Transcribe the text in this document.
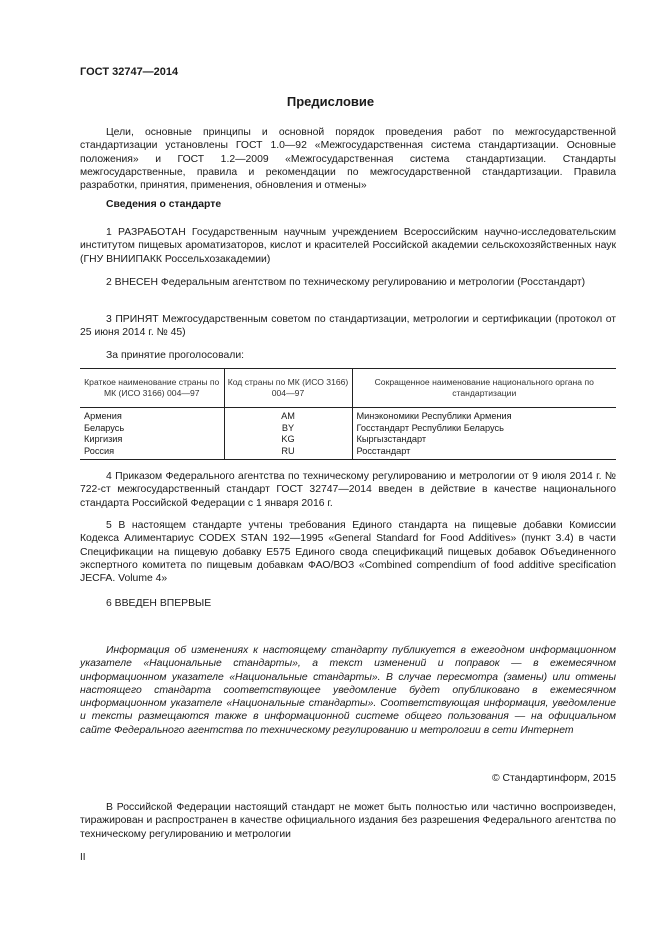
ГОСТ 32747—2014
Предисловие

Цели, основные принципы и основной порядок проведения работ по межгосударственной стандартизации установлены ГОСТ 1.0—92 «Межгосударственная система стандартизации. Основные положения» и ГОСТ 1.2—2009 «Межгосударственная система стандартизации. Стандарты межгосударственные, правила и рекомендации по межгосударственной стандартизации. Правила разработки, принятия, применения, обновления и отмены»

Сведения о стандарте

1 РАЗРАБОТАН Государственным научным учреждением Всероссийским научно-исследовательским институтом пищевых ароматизаторов, кислот и красителей Российской академии сельскохозяйственных наук (ГНУ ВНИИПАКК Россельхозакадемии)

2 ВНЕСЕН Федеральным агентством по техническому регулированию и метрологии (Росстандарт)

3 ПРИНЯТ Межгосударственным советом по стандартизации, метрологии и сертификации (протокол от 25 июня 2014 г. № 45)

За принятие проголосовали:
Краткое наименование страны по МК (ИСО 3166) 004—97	Код страны по МК (ИСО 3166) 004—97	Сокращенное наименование национального органа по стандартизации
Армения	AM	Минэкономики Республики Армения
Беларусь	BY	Госстандарт Республики Беларусь
Киргизия	KG	Кыргызстандарт
Россия	RU	Росстандарт

4 Приказом Федерального агентства по техническому регулированию и метрологии от 9 июля 2014 г. № 722-ст межгосударственный стандарт ГОСТ 32747—2014 введен в действие в качестве национального стандарта Российской Федерации с 1 января 2016 г.

5 В настоящем стандарте учтены требования Единого стандарта на пищевые добавки Комиссии Кодекса Алиментариус CODEX STAN 192—1995 «General Standard for Food Additives» (пункт 3.4) в части Спецификации на пищевую добавку Е575 Единого свода спецификаций пищевых добавок Объединенного экспертного комитета по пищевым добавкам ФАО/ВОЗ «Combined compendium of food additive specification JECFA. Volume 4»

6 ВВЕДЕН ВПЕРВЫЕ

Информация об изменениях к настоящему стандарту публикуется в ежегодном информационном указателе «Национальные стандарты», а текст изменений и поправок — в ежемесячном информационном указателе «Национальные стандарты». В случае пересмотра (замены) или отмены настоящего стандарта соответствующее уведомление будет опубликовано в ежемесячном информационном указателе «Национальные стандарты». Соответствующая информация, уведомление и тексты размещаются также в информационной системе общего пользования — на официальном сайте Федерального агентства по техническому регулированию и метрологии в сети Интернет

© Стандартинформ, 2015

В Российской Федерации настоящий стандарт не может быть полностью или частично воспроизведен, тиражирован и распространен в качестве официального издания без разрешения Федерального агентства по техническому регулированию и метрологии

II
